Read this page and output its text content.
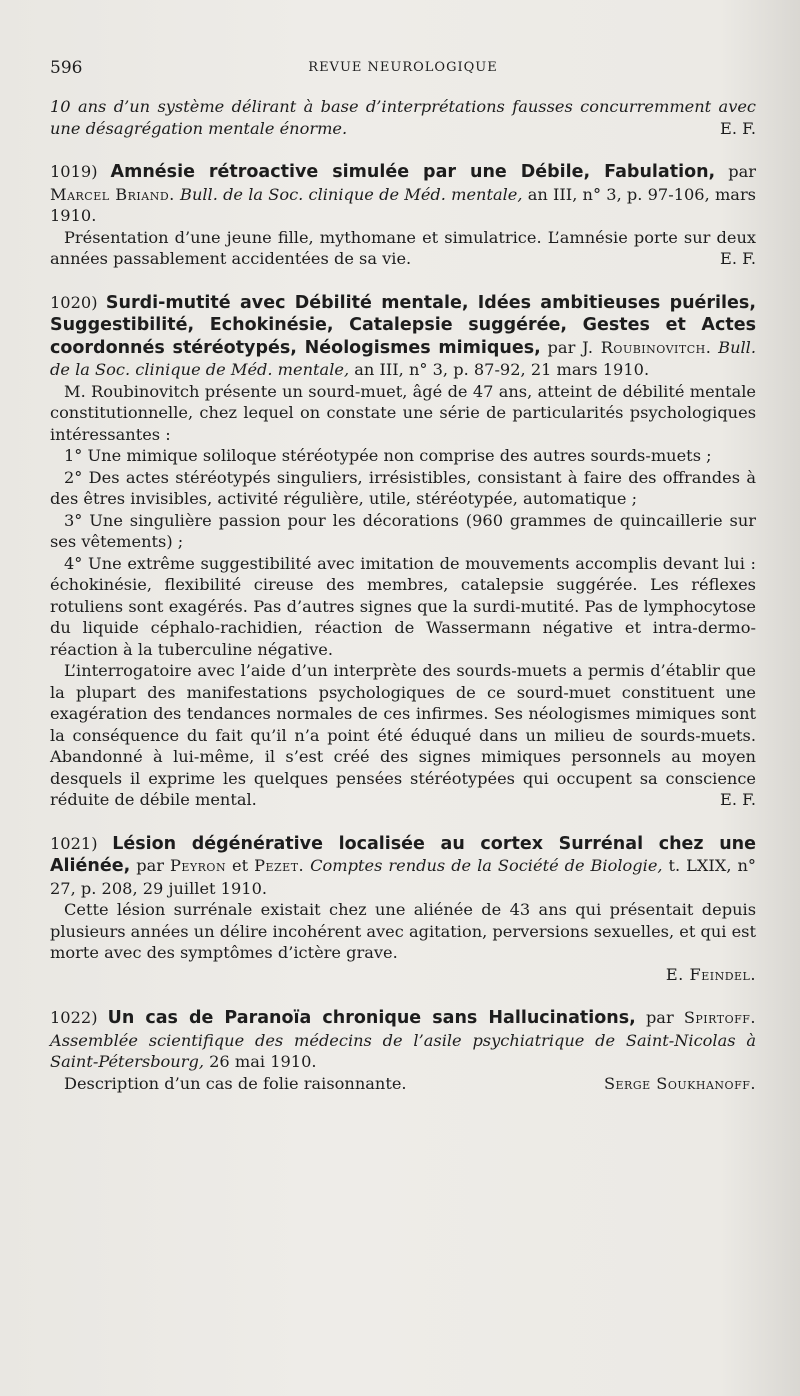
596	REVUE NEUROLOGIQUE

10 ans d’un système délirant à base d’interprétations fausses concurremment avec une désagrégation mentale énorme.	E. F.

1019) Amnésie rétroactive simulée par une Débile, Fabulation, par Marcel Briand. Bull. de la Soc. clinique de Méd. mentale, an III, n° 3, p. 97-106, mars 1910.

Présentation d’une jeune fille, mythomane et simulatrice. L’amnésie porte sur deux années passablement accidentées de sa vie.	E. F.

1020) Surdi-mutité avec Débilité mentale, Idées ambitieuses puériles, Suggestibilité, Echokinésie, Catalepsie suggérée, Gestes et Actes coordonnés stéréotypés, Néologismes mimiques, par J. Roubinovitch. Bull. de la Soc. clinique de Méd. mentale, an III, n° 3, p. 87-92, 21 mars 1910.

M. Roubinovitch présente un sourd-muet, âgé de 47 ans, atteint de débilité mentale constitutionnelle, chez lequel on constate une série de particularités psychologiques intéressantes :

1° Une mimique soliloque stéréotypée non comprise des autres sourds-muets ;

2° Des actes stéréotypés singuliers, irrésistibles, consistant à faire des offrandes à des êtres invisibles, activité régulière, utile, stéréotypée, automatique ;

3° Une singulière passion pour les décorations (960 grammes de quincaillerie sur ses vêtements) ;

4° Une extrême suggestibilité avec imitation de mouvements accomplis devant lui : échokinésie, flexibilité cireuse des membres, catalepsie suggérée. Les réflexes rotuliens sont exagérés. Pas d’autres signes que la surdi-mutité. Pas de lymphocytose du liquide céphalo-rachidien, réaction de Wassermann négative et intra-dermo-réaction à la tuberculine négative.

L’interrogatoire avec l’aide d’un interprète des sourds-muets a permis d’établir que la plupart des manifestations psychologiques de ce sourd-muet constituent une exagération des tendances normales de ces infirmes. Ses néologismes mimiques sont la conséquence du fait qu’il n’a point été éduqué dans un milieu de sourds-muets. Abandonné à lui-même, il s’est créé des signes mimiques personnels au moyen desquels il exprime les quelques pensées stéréotypées qui occupent sa conscience réduite de débile mental.	E. F.

1021) Lésion dégénérative localisée au cortex Surrénal chez une Aliénée, par Peyron et Pezet. Comptes rendus de la Société de Biologie, t. LXIX, n° 27, p. 208, 29 juillet 1910.

Cette lésion surrénale existait chez une aliénée de 43 ans qui présentait depuis plusieurs années un délire incohérent avec agitation, perversions sexuelles, et qui est morte avec des symptômes d’ictère grave.

E. Feindel.

1022) Un cas de Paranoïa chronique sans Hallucinations, par Spirtoff. Assemblée scientifique des médecins de l’asile psychiatrique de Saint-Nicolas à Saint-Pétersbourg, 26 mai 1910.

Description d’un cas de folie raisonnante.	Serge Soukhanoff.
